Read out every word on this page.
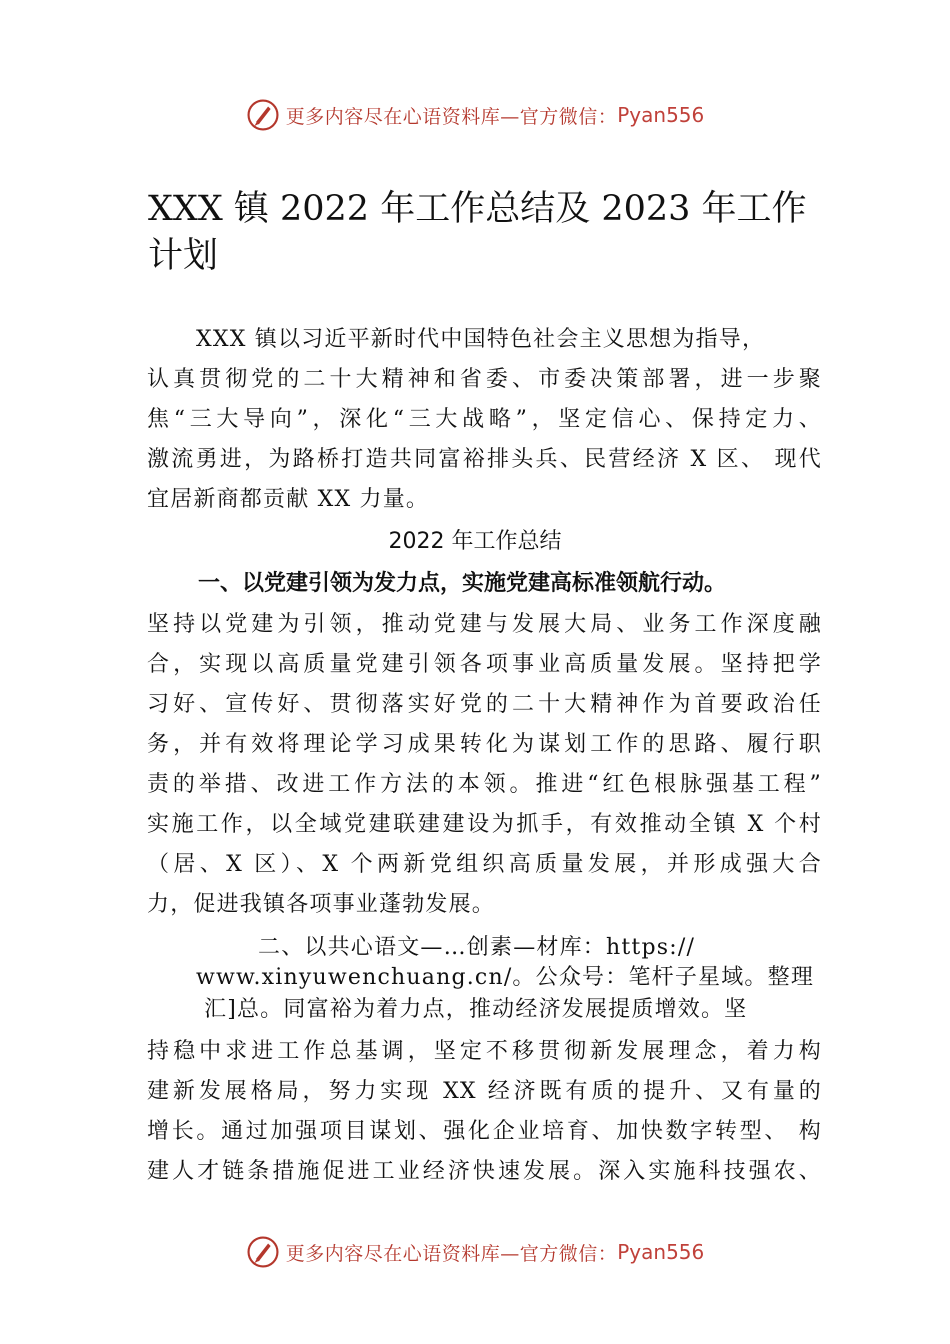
更多内容尽在心语资料库—官方微信： Pyan556
XXX 镇 2022 年工作总结及 2023 年工作计划
XXX 镇以习近平新时代中国特色社会主义思想为指导，
认真贯彻党的二十大精神和省委、市委决策部署，进一步聚
焦“三大导向”，深化“三大战略”，坚定信心、保持定力、
激流勇进，为路桥打造共同富裕排头兵、民营经济 X 区、 现代
宜居新商都贡献 XX 力量。
2022 年工作总结
一、以党建引领为发力点，实施党建高标准领航行动。
坚持以党建为引领，推动党建与发展大局、业务工作深度融
合，实现以高质量党建引领各项事业高质量发展。坚持把学
习好、宣传好、贯彻落实好党的二十大精神作为首要政治任
务，并有效将理论学习成果转化为谋划工作的思路、履行职
责的举措、改进工作方法的本领。推进“红色根脉强基工程”
实施工作，以全域党建联建建设为抓手，有效推动全镇 X 个村
（居、X 区）、X 个两新党组织高质量发展，并形成强大合
力，促进我镇各项事业蓬勃发展。
二、以共心语文—…创素—材库：https://
www.xinyuwenchuang.cn/。公众号：笔杆子星域。整理
汇]总。同富裕为着力点，推动经济发展提质增效。坚
持稳中求进工作总基调，坚定不移贯彻新发展理念，着力构
建新发展格局，努力实现 XX 经济既有质的提升、又有量的
增长。通过加强项目谋划、强化企业培育、加快数字转型、 构
建人才链条措施促进工业经济快速发展。深入实施科技强农、
更多内容尽在心语资料库—官方微信： Pyan556
